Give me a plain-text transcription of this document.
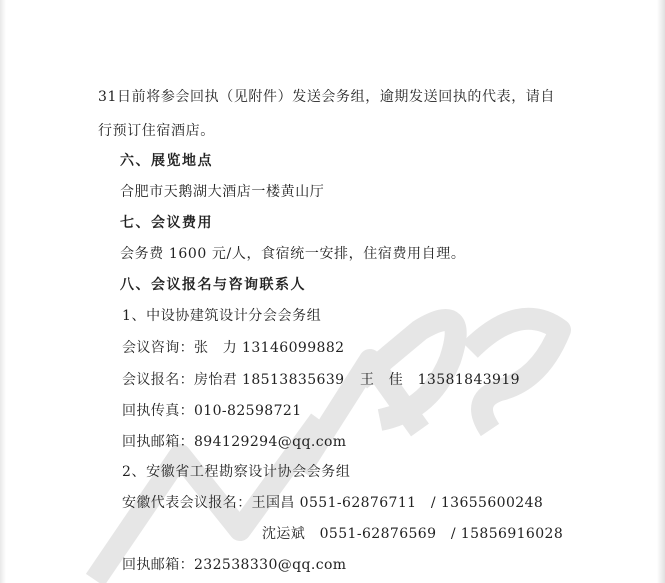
31日前将参会回执（见附件）发送会务组，逾期发送回执的代表，请自
行预订住宿酒店。
六、展览地点
合肥市天鹅湖大酒店一楼黄山厅
七、会议费用
会务费 1600 元/人，食宿统一安排，住宿费用自理。
八、会议报名与咨询联系人
1、中设协建筑设计分会会务组
会议咨询：张　力 13146099882
会议报名：房怡君 18513835639 王　佳　13581843919
回执传真：010-82598721
回执邮箱：894129294@qq.com
2、安徽省工程勘察设计协会会务组
安徽代表会议报名：王国昌 0551-62876711　/ 13655600248
沈运斌　0551-62876569　/ 15856916028
回执邮箱：232538330@qq.com
